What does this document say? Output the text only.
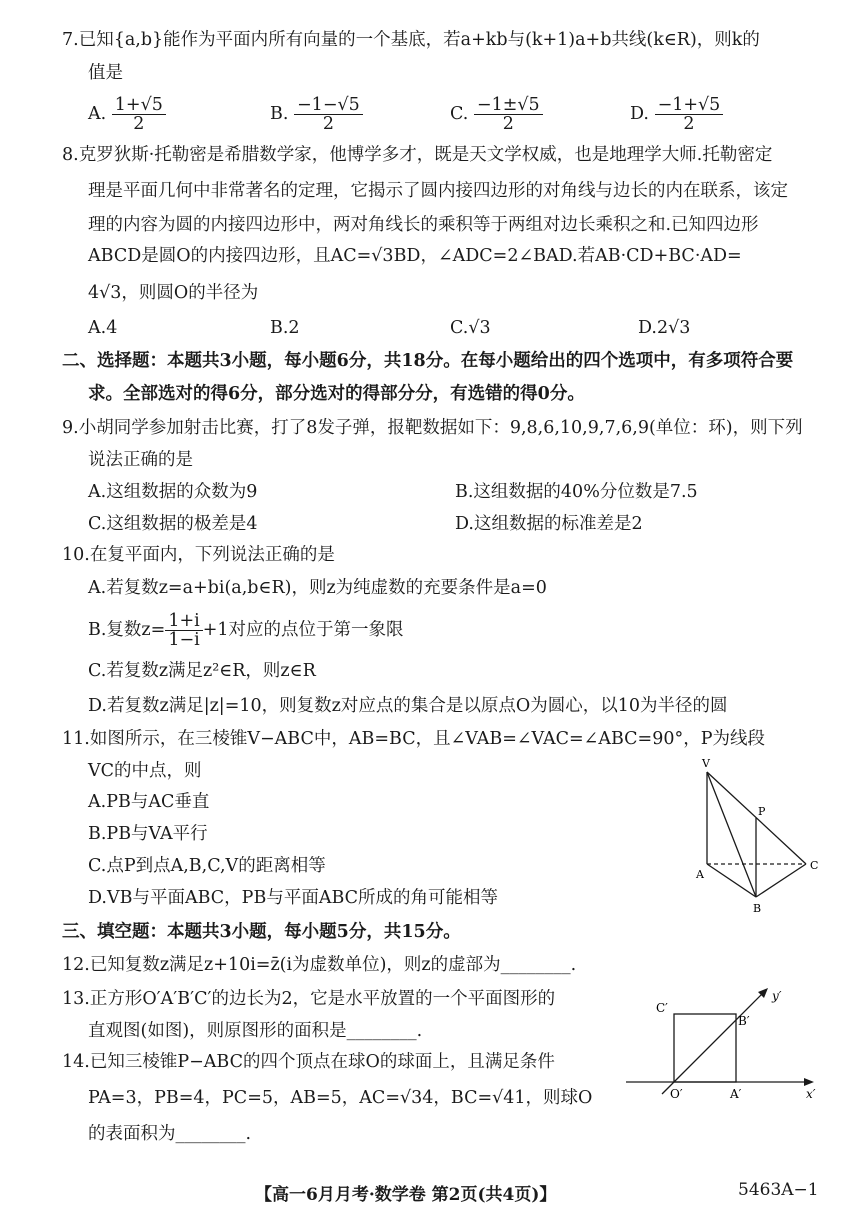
7.已知{a,b}能作为平面内所有向量的一个基底，若a+kb与(k+1)a+b共线(k∈R)，则k的
值是
A. $\frac{1+√5}{2}$	B. $\frac{-1-√5}{2}$	C. $\frac{-1\pm√5}{2}$	D. $\frac{-1+√5}{2}$
8.克罗狄斯·托勒密是希腊数学家，他博学多才，既是天文学权威，也是地理学大师.托勒密定
理是平面几何中非常著名的定理，它揭示了圆内接四边形的对角线与边长的内在联系，该定
理的内容为圆的内接四边形中，两对角线长的乘积等于两组对边长乘积之和.已知四边形
ABCD是圆O的内接四边形，且AC=√3BD，∠ADC=2∠BAD.若AB·CD+BC·AD=
4√3，则圆O的半径为
A.4	B.2	C.√3	D.2√3
二、选择题：本题共3小题，每小题6分，共18分。在每小题给出的四个选项中，有多项符合要
求。全部选对的得6分，部分选对的得部分分，有选错的得0分。
9.小胡同学参加射击比赛，打了8发子弹，报靶数据如下：9,8,6,10,9,7,6,9(单位：环)，则下列
说法正确的是
A.这组数据的众数为9	B.这组数据的40%分位数是7.5
C.这组数据的极差是4	D.这组数据的标准差是2
10.在复平面内，下列说法正确的是
A.若复数z=a+bi(a,b∈R)，则z为纯虚数的充要条件是a=0
B.复数$z= \frac{1+i}{1-i} +1$对应的点位于第一象限
C.若复数z满足z²∈R，则z∈R
D.若复数z满足|z|=10，则复数z对应点的集合是以原点O为圆心，以10为半径的圆
11.如图所示，在三棱锥V−ABC中，AB=BC，且∠VAB=∠VAC=∠ABC=90°，P为线段
VC的中点，则
A.PB与AC垂直
B.PB与VA平行
C.点P到点A,B,C,V的距离相等
D.VB与平面ABC，PB与平面ABC所成的角可能相等
V
P
A
B
C
三、填空题：本题共3小题，每小题5分，共15分。
12.已知复数z满足z+10i=z̄(i为虚数单位)，则z的虚部为________.
13.正方形O′A′B′C′的边长为2，它是水平放置的一个平面图形的
直观图(如图)，则原图形的面积是________.
14.已知三棱锥P−ABC的四个顶点在球O的球面上，且满足条件
PA=3，PB=4，PC=5，AB=5，AC=√34，BC=√41，则球O
的表面积为________.
C′
B′
O′	A′	x′
y′
【高一6月月考·数学卷 第2页(共4页)】	5463A−1
